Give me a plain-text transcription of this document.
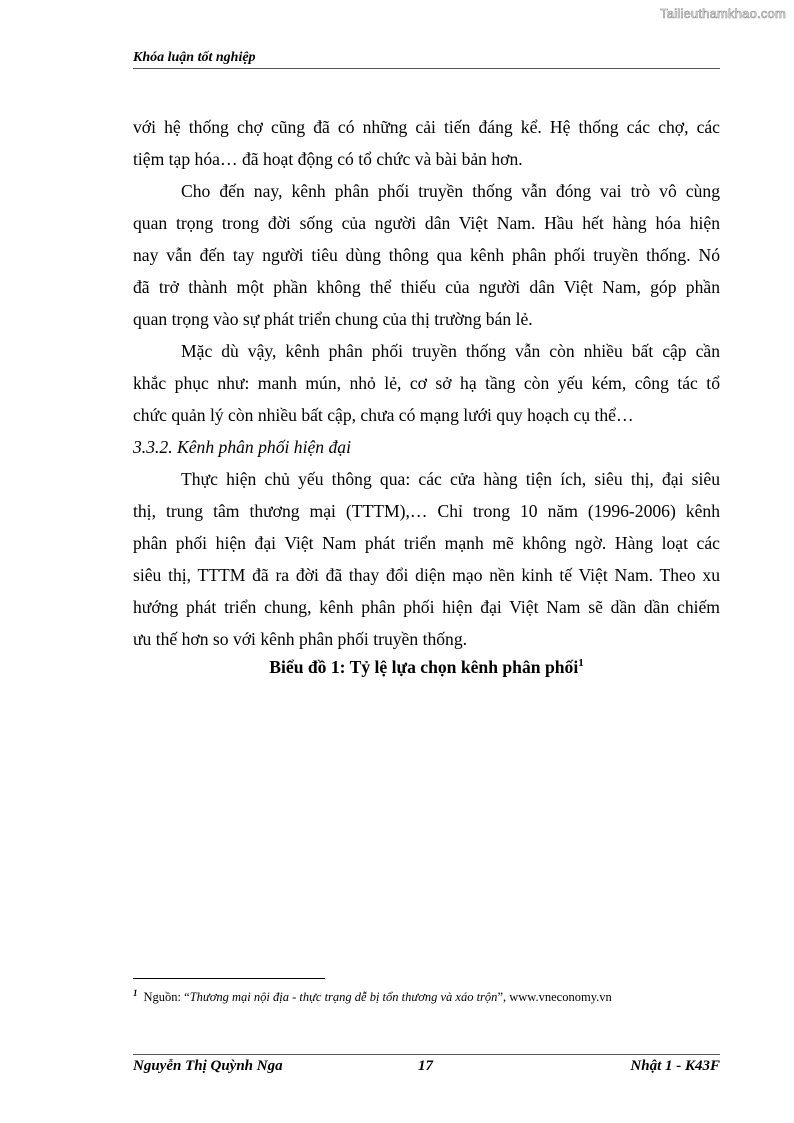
Tailieuthamkhao.com
Khóa luận tốt nghiệp
với hệ thống chợ cũng đã có những cải tiến đáng kể. Hệ thống các chợ, các
tiệm tạp hóa… đã hoạt động có tổ chức và bài bản hơn.
Cho đến nay, kênh phân phối truyền thống vẫn đóng vai trò vô cùng
quan trọng trong đời sống của người dân Việt Nam. Hầu hết hàng hóa hiện
nay vẫn đến tay người tiêu dùng thông qua kênh phân phối truyền thống. Nó
đã trở thành một phần không thể thiếu của người dân Việt Nam, góp phần
quan trọng vào sự phát triển chung của thị trường bán lẻ.
Mặc dù vậy, kênh phân phối truyền thống vẫn còn nhiều bất cập cần
khắc phục như: manh mún, nhỏ lẻ, cơ sở hạ tầng còn yếu kém, công tác tổ
chức quản lý còn nhiều bất cập, chưa có mạng lưới quy hoạch cụ thể…
3.3.2. Kênh phân phối hiện đại
Thực hiện chủ yếu thông qua: các cửa hàng tiện ích, siêu thị, đại siêu
thị, trung tâm thương mại (TTTM),… Chỉ trong 10 năm (1996-2006) kênh
phân phối hiện đại Việt Nam phát triển mạnh mẽ không ngờ. Hàng loạt các
siêu thị, TTTM đã ra đời đã thay đổi diện mạo nền kinh tế Việt Nam. Theo xu
hướng phát triển chung, kênh phân phối hiện đại Việt Nam sẽ dần dần chiếm
ưu thế hơn so với kênh phân phối truyền thống.
Biểu đồ 1: Tỷ lệ lựa chọn kênh phân phối$^1$
$^1$ Nguồn: “Thương mại nội địa - thực trạng dễ bị tổn thương và xáo trộn”, www.vneconomy.vn
Nguyễn Thị Quỳnh Nga	17	Nhật 1 - K43F
